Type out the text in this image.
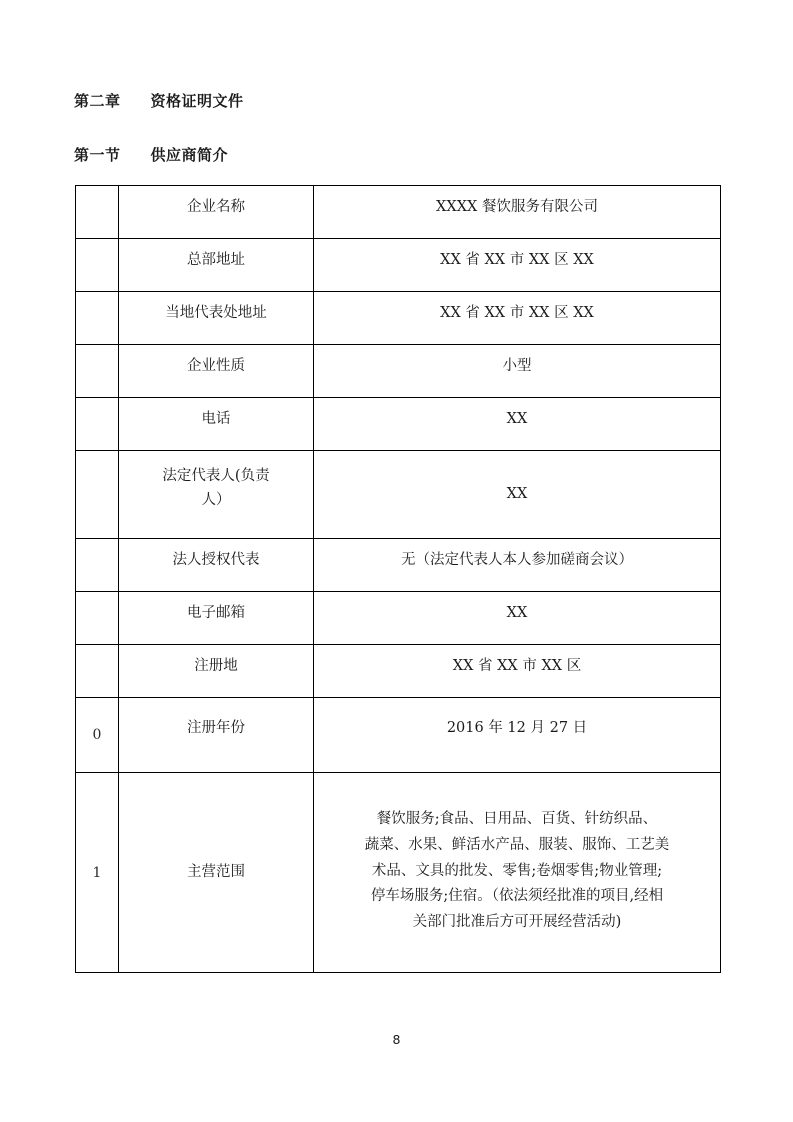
第二章 资格证明文件
第一节 供应商简介

	企业名称	XXXX 餐饮服务有限公司

	总部地址	XX 省 XX 市 XX 区 XX

	当地代表处地址	XX 省 XX 市 XX 区 XX

	企业性质	小型

	电话	XX

	法定代表人(负责
人）	XX

	法人授权代表	无（法定代表人本人参加磋商会议）

	电子邮箱	XX

	注册地	XX 省 XX 市 XX 区

0	注册年份	2016 年 12 月 27 日

1	主营范围	餐饮服务;食品、日用品、百货、针纺织品、
蔬菜、水果、鲜活水产品、服装、服饰、工艺美
术品、文具的批发、零售;卷烟零售;物业管理;
停车场服务;住宿。（依法须经批准的项目,经相
关部门批准后方可开展经营活动)
8
